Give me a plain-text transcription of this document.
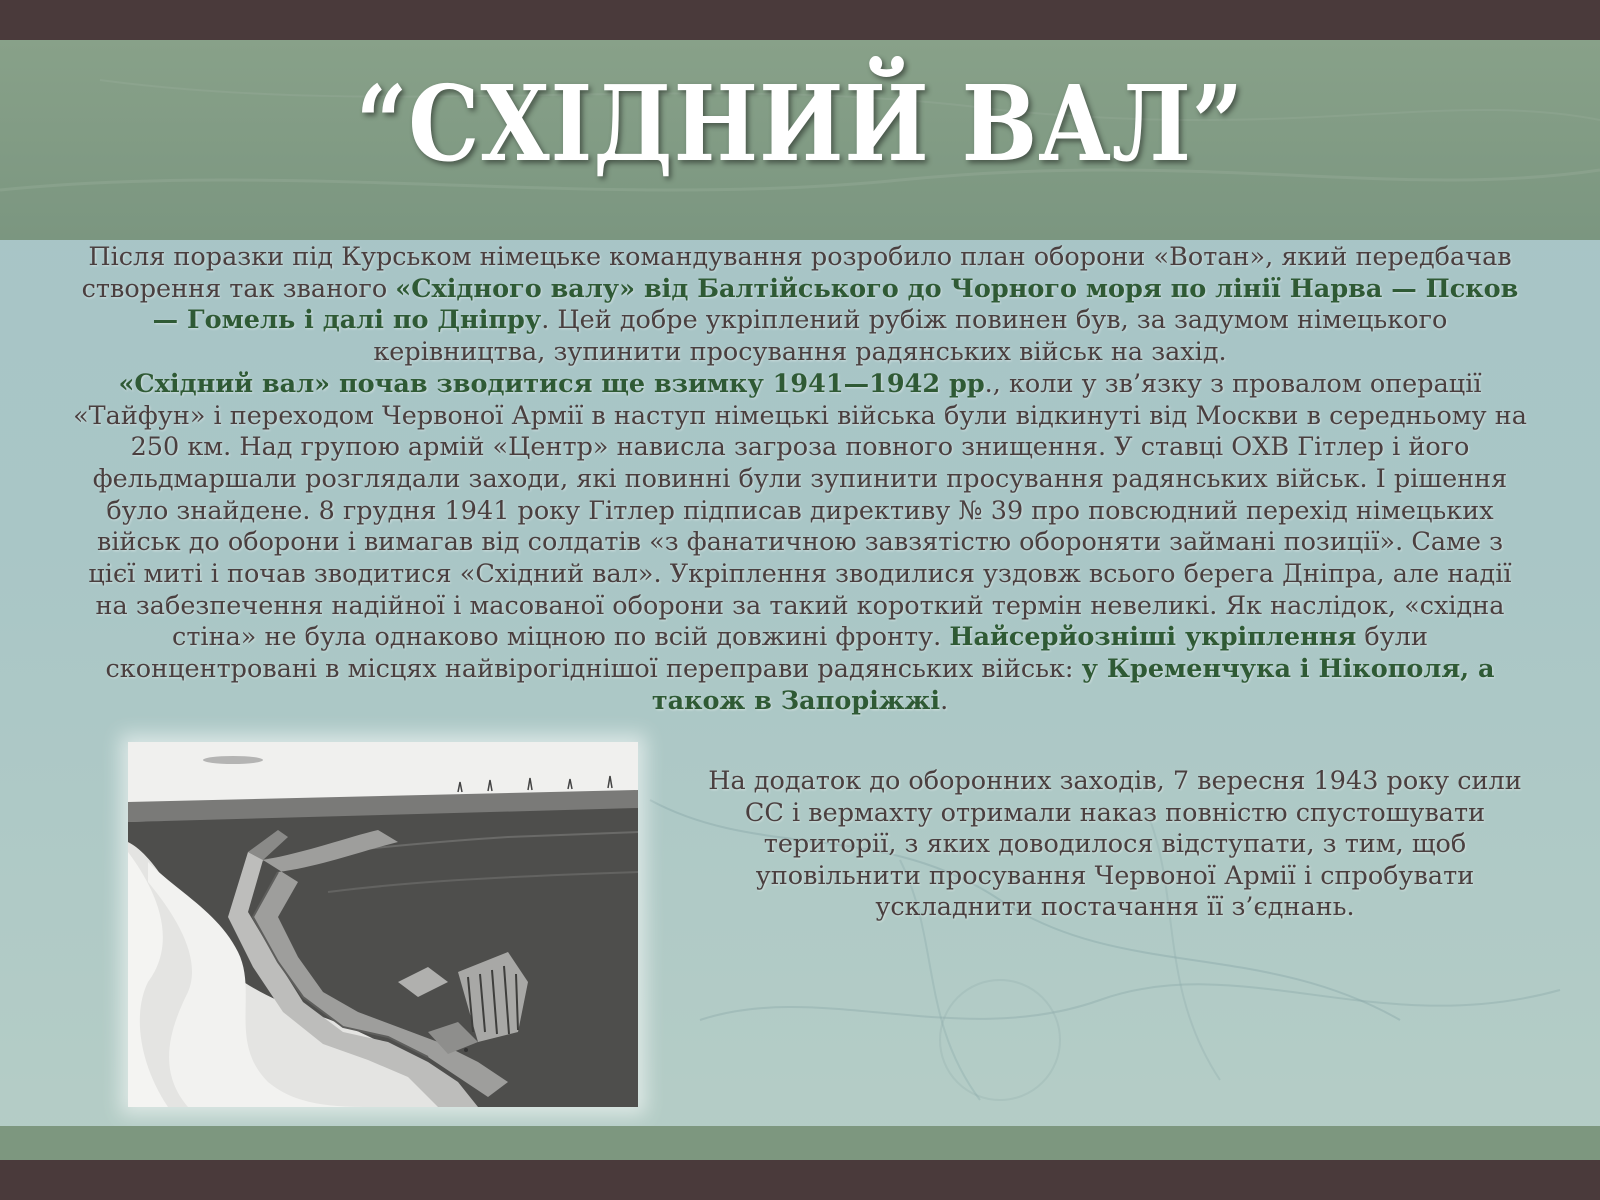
“СХІДНИЙ ВАЛ”

Після поразки під Курськом німецьке командування розробило план оборони «Вотан», який передбачав створення так званого «Східного валу» від Балтійського до Чорного моря по лінії Нарва — Псков — Гомель і далі по Дніпру. Цей добре укріплений рубіж повинен був, за задумом німецького керівництва, зупинити просування радянських військ на захід.

«Східний вал» почав зводитися ще взимку 1941—1942 рр., коли у зв’язку з провалом операції «Тайфун» і переходом Червоної Армії в наступ німецькі війська були відкинуті від Москви в середньому на 250 км. Над групою армій «Центр» нависла загроза повного знищення. У ставці ОХВ Гітлер і його фельдмаршали розглядали заходи, які повинні були зупинити просування радянських військ. І рішення було знайдене. 8 грудня 1941 року Гітлер підписав директиву № 39 про повсюдний перехід німецьких військ до оборони і вимагав від солдатів «з фанатичною завзятістю обороняти займані позиції». Саме з цієї миті і почав зводитися «Східний вал». Укріплення зводилися уздовж всього берега Дніпра, але надії на забезпечення надійної і масованої оборони за такий короткий термін невеликі. Як наслідок, «східна стіна» не була однаково міцною по всій довжині фронту. Найсерйозніші укріплення були сконцентровані в місцях найвірогіднішої переправи радянських військ: у Кременчука і Нікополя, а також в Запоріжжі.

На додаток до оборонних заходів, 7 вересня 1943 року сили СС і вермахту отримали наказ повністю спустошувати території, з яких доводилося відступати, з тим, щоб уповільнити просування Червоної Армії і спробувати ускладнити постачання її з’єднань.
